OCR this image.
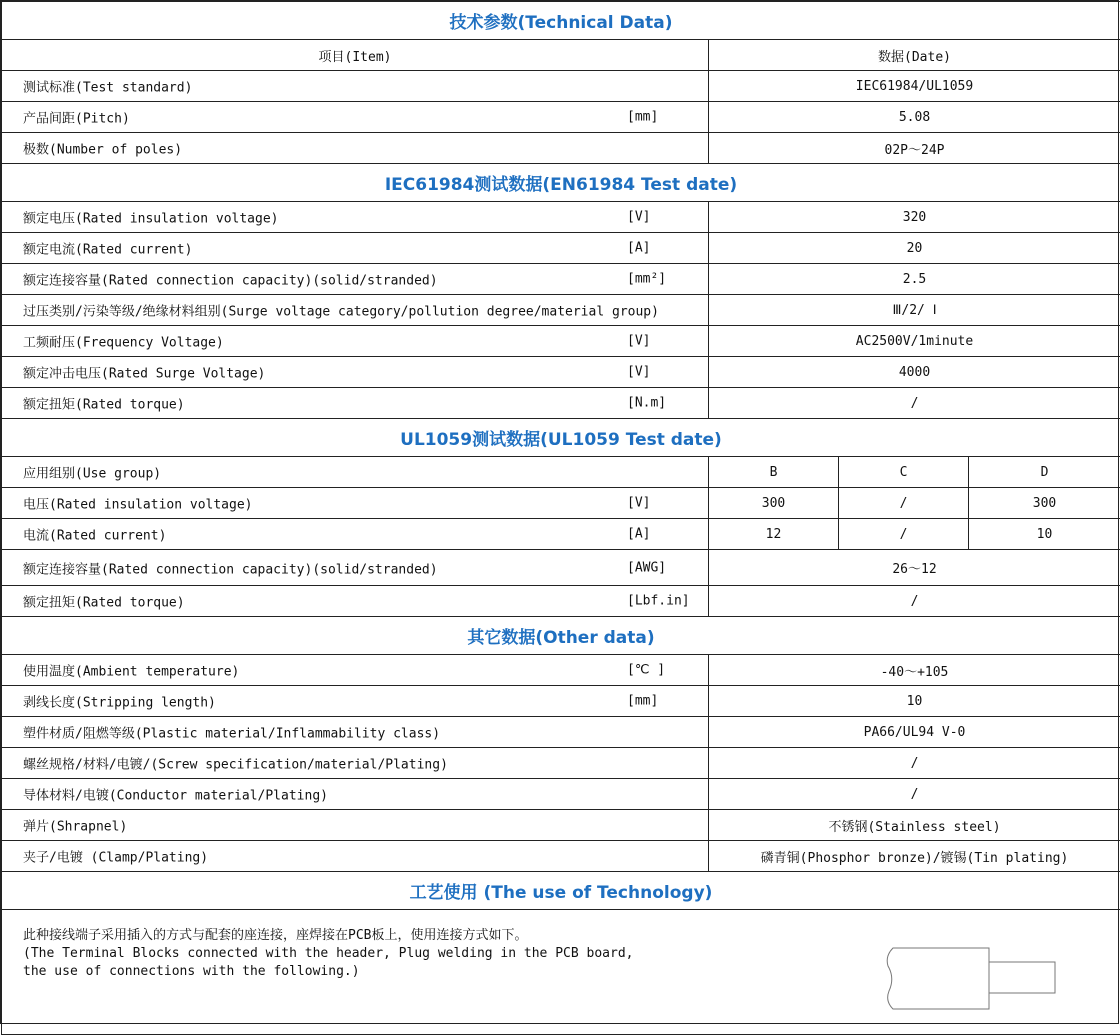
技术参数(Technical Data)			
项目(Item)	数据(Date)		

测试标准(Test standard)	IEC61984/UL1059		

产品间距(Pitch) [mm]	5.08		

极数(Number of poles)	02P～24P		
IEC61984测试数据(EN61984 Test date)			

额定电压(Rated insulation voltage) [V]	320		

额定电流(Rated current) [A]	20		

额定连接容量(Rated connection capacity)(solid/stranded) [mm²]	2.5		

过压类别/污染等级/绝缘材料组别(Surge voltage category/pollution degree/material group)	Ⅲ/2/ Ⅰ		

工频耐压(Frequency Voltage) [V]	AC2500V/1minute		

额定冲击电压(Rated Surge Voltage) [V]	4000		

额定扭矩(Rated torque) [N.m]	/		
UL1059测试数据(UL1059 Test date)			

应用组别(Use group)	B	C	D

电压(Rated insulation voltage) [V]	300	/	300

电流(Rated current) [A]	12	/	10

额定连接容量(Rated connection capacity)(solid/stranded) [AWG]	26～12		

额定扭矩(Rated torque) [Lbf.in]	/		
其它数据(Other data)			

使用温度(Ambient temperature) [℃ ]	-40～+105		

剥线长度(Stripping length) [mm]	10		

塑件材质/阻燃等级(Plastic material/Inflammability class)	PA66/UL94 V-0		

螺丝规格/材料/电镀/(Screw specification/material/Plating)	/		

导体材料/电镀(Conductor material/Plating)	/		

弹片(Shrapnel)	不锈钢(Stainless steel)		

夹子/电镀 (Clamp/Plating)	磷青铜(Phosphor bronze)/镀锡(Tin plating)		
工艺使用 (The use of Technology)			

此种接线端子采用插入的方式与配套的座连接，座焊接在PCB板上，使用连接方式如下。
(The Terminal Blocks connected with the header, Plug welding in the PCB board,
the use of connections with the following.)			
